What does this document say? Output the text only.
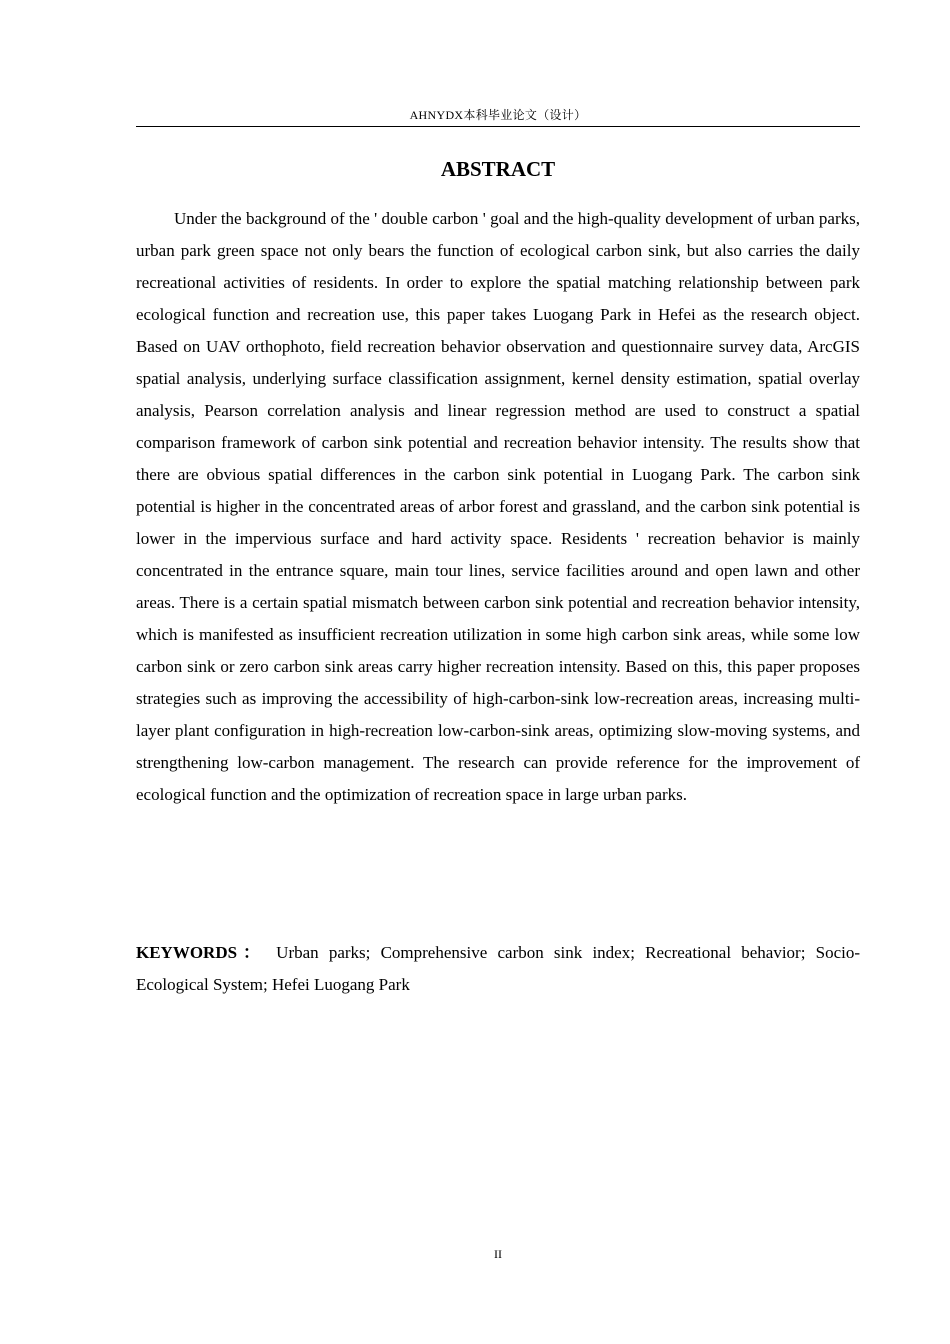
AHNYDX本科毕业论文（设计）
ABSTRACT

Under the background of the ' double carbon ' goal and the high-quality development of urban parks, urban park green space not only bears the function of ecological carbon sink, but also carries the daily recreational activities of residents. In order to explore the spatial matching relationship between park ecological function and recreation use, this paper takes Luogang Park in Hefei as the research object. Based on UAV orthophoto, field recreation behavior observation and questionnaire survey data, ArcGIS spatial analysis, underlying surface classification assignment, kernel density estimation, spatial overlay analysis, Pearson correlation analysis and linear regression method are used to construct a spatial comparison framework of carbon sink potential and recreation behavior intensity. The results show that there are obvious spatial differences in the carbon sink potential in Luogang Park. The carbon sink potential is higher in the concentrated areas of arbor forest and grassland, and the carbon sink potential is lower in the impervious surface and hard activity space. Residents ' recreation behavior is mainly concentrated in the entrance square, main tour lines, service facilities around and open lawn and other areas. There is a certain spatial mismatch between carbon sink potential and recreation behavior intensity, which is manifested as insufficient recreation utilization in some high carbon sink areas, while some low carbon sink or zero carbon sink areas carry higher recreation intensity. Based on this, this paper proposes strategies such as improving the accessibility of high-carbon-sink low-recreation areas, increasing multi-layer plant configuration in high-recreation low-carbon-sink areas, optimizing slow-moving systems, and strengthening low-carbon management. The research can provide reference for the improvement of ecological function and the optimization of recreation space in large urban parks.

KEYWORDS： Urban parks; Comprehensive carbon sink index; Recreational behavior; Socio-Ecological System; Hefei Luogang Park

II
